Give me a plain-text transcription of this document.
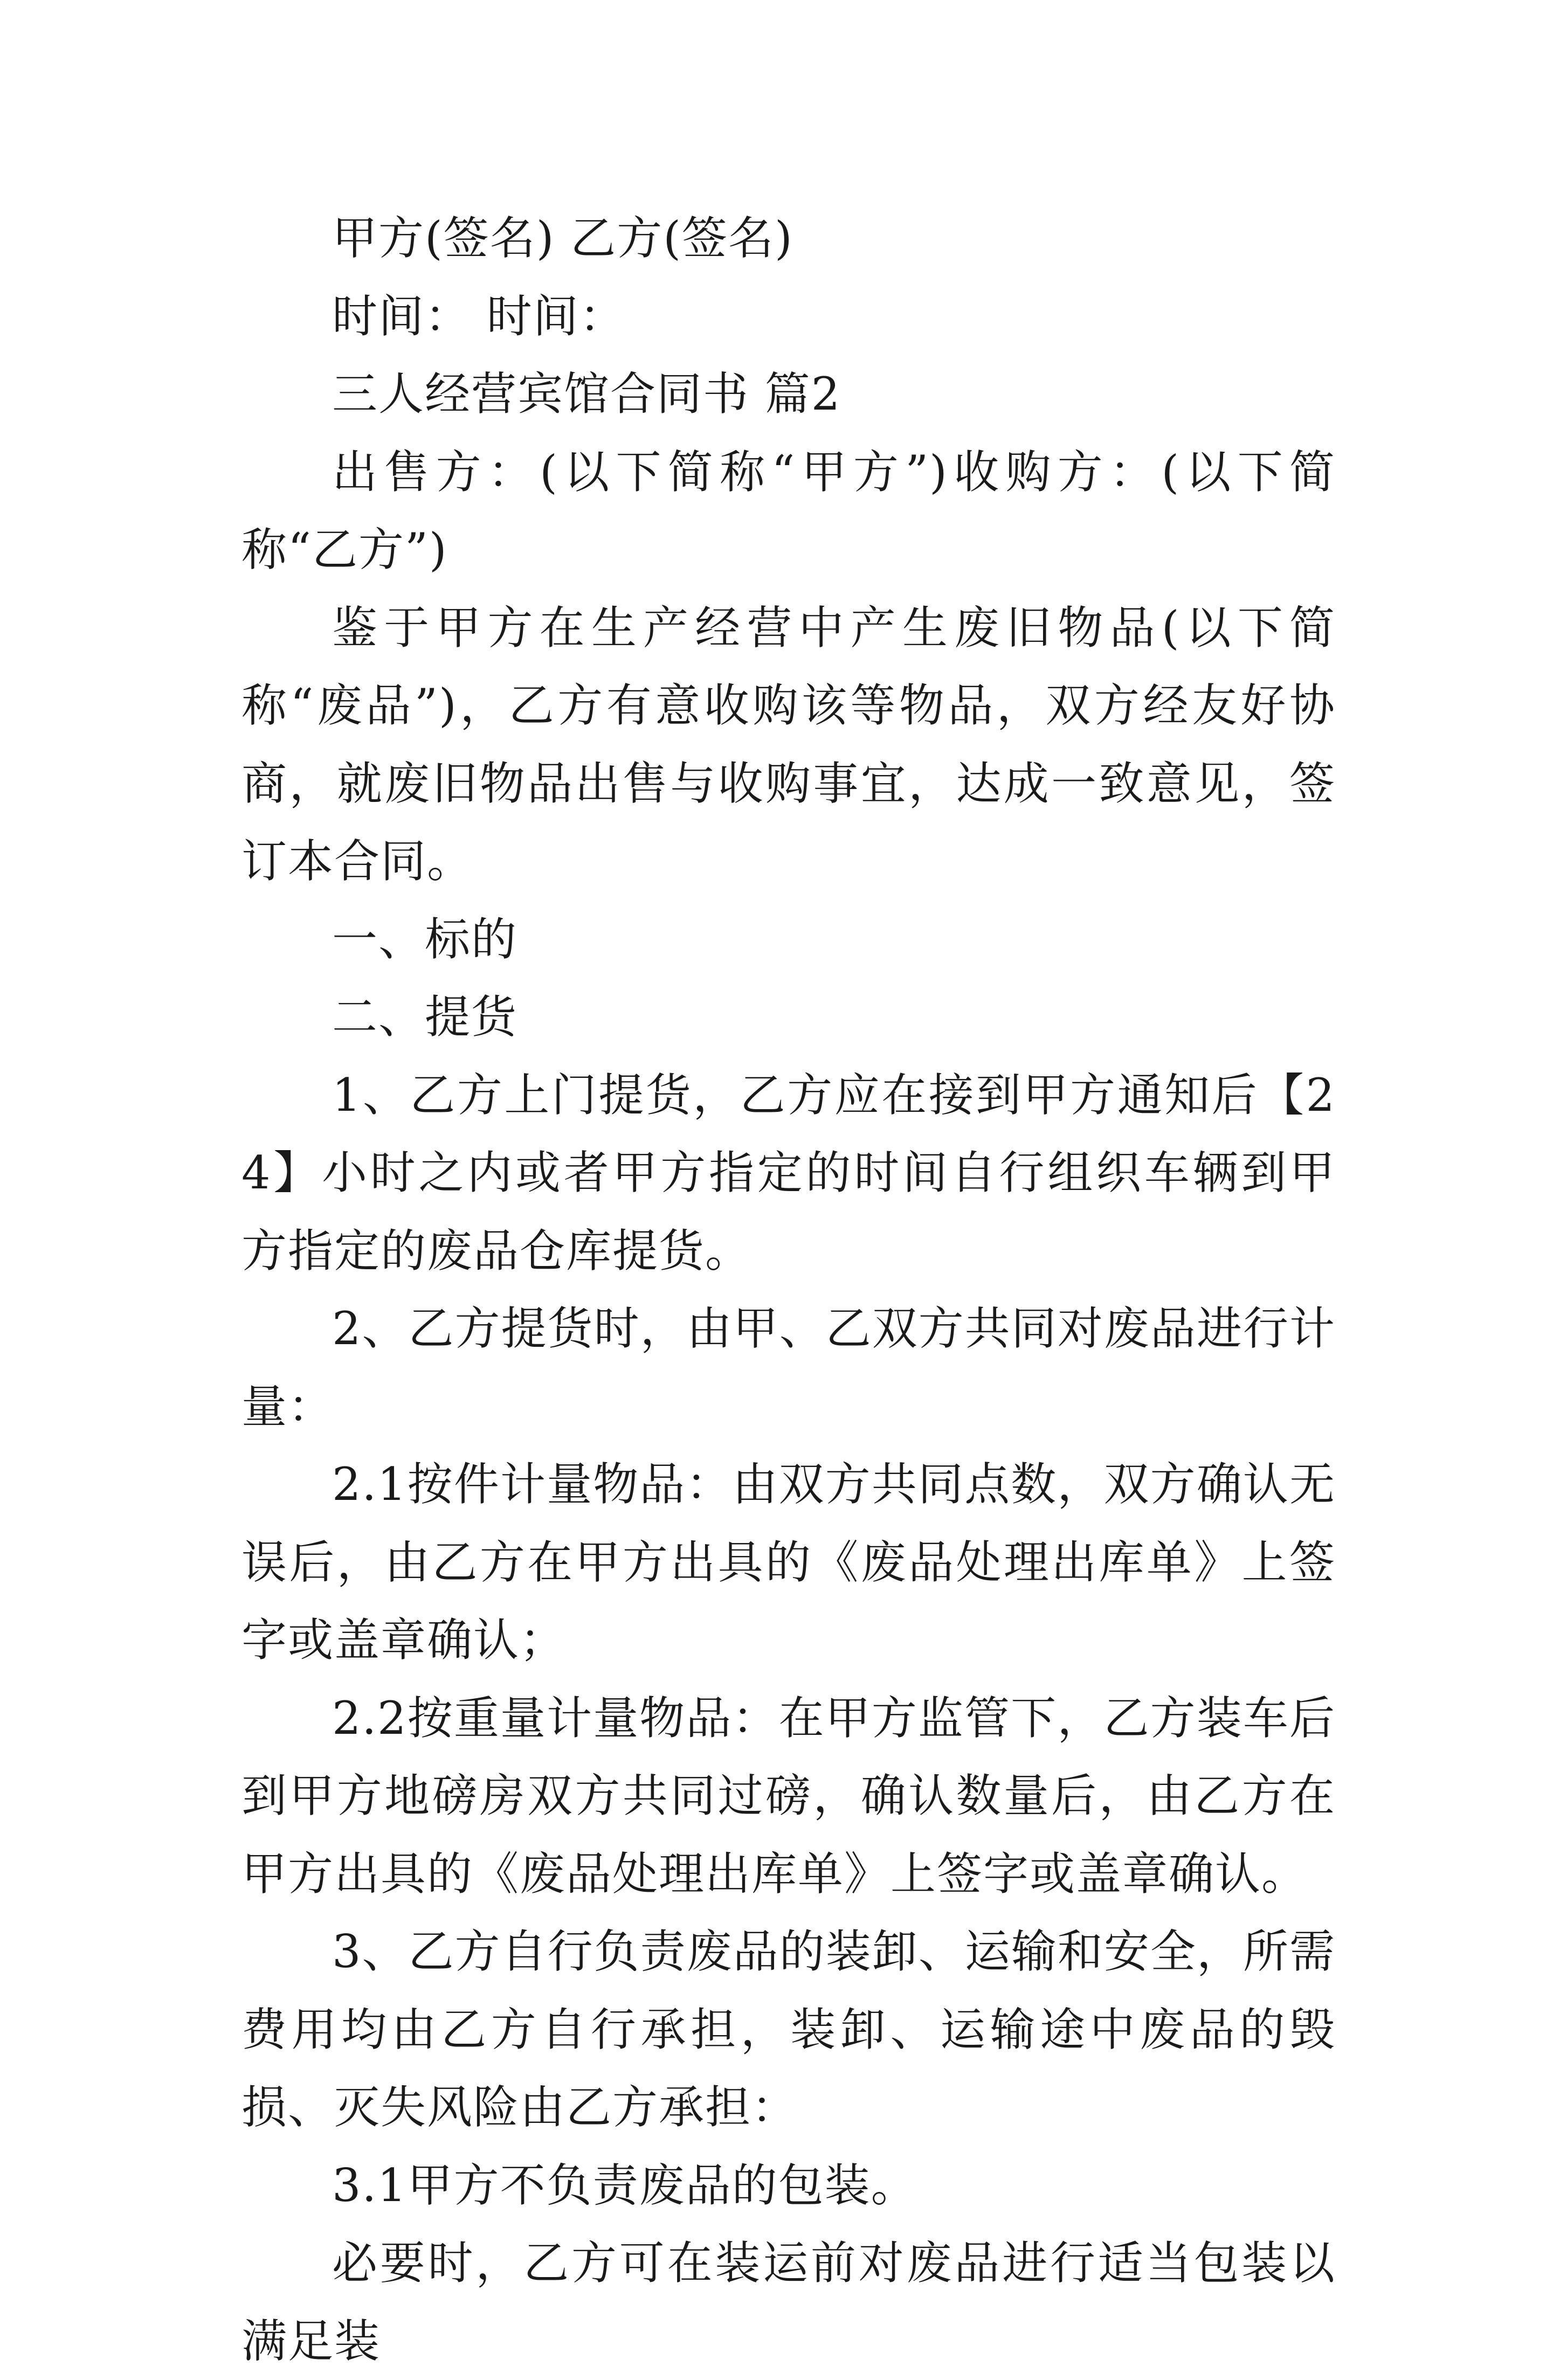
甲方(签名) 乙方(签名)

时间： 时间：

三人经营宾馆合同书 篇2

出售方：(以下简称“甲方”)收购方：(以下简称“乙方”)

鉴于甲方在生产经营中产生废旧物品(以下简称“废品”)，乙方有意收购该等物品，双方经友好协商，就废旧物品出售与收购事宜，达成一致意见，签订本合同。

一、标的

二、提货

1、乙方上门提货，乙方应在接到甲方通知后【24】小时之内或者甲方指定的时间自行组织车辆到甲方指定的废品仓库提货。

2、乙方提货时，由甲、乙双方共同对废品进行计量：

2.1按件计量物品：由双方共同点数，双方确认无误后，由乙方在甲方出具的《废品处理出库单》上签字或盖章确认；

2.2按重量计量物品：在甲方监管下，乙方装车后到甲方地磅房双方共同过磅，确认数量后，由乙方在甲方出具的《废品处理出库单》上签字或盖章确认。

3、乙方自行负责废品的装卸、运输和安全，所需费用均由乙方自行承担，装卸、运输途中废品的毁损、灭失风险由乙方承担：

3.1甲方不负责废品的包装。

必要时，乙方可在装运前对废品进行适当包装以满足装
